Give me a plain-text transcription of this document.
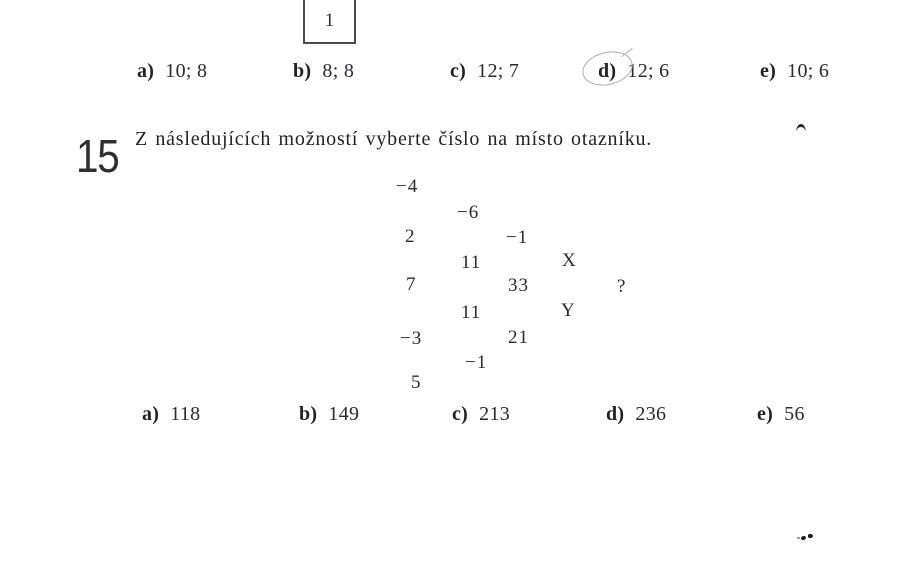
1
a) 10; 8	b) 8; 8	c) 12; 7	d) 12; 6	e) 10; 6
15 Z následujících možností vyberte číslo na místo otazníku.
−4
−6
2	−1
11	X
7	33	?
11	Y
−3	21
−1
5
a) 118	b) 149	c) 213	d) 236	e) 56
